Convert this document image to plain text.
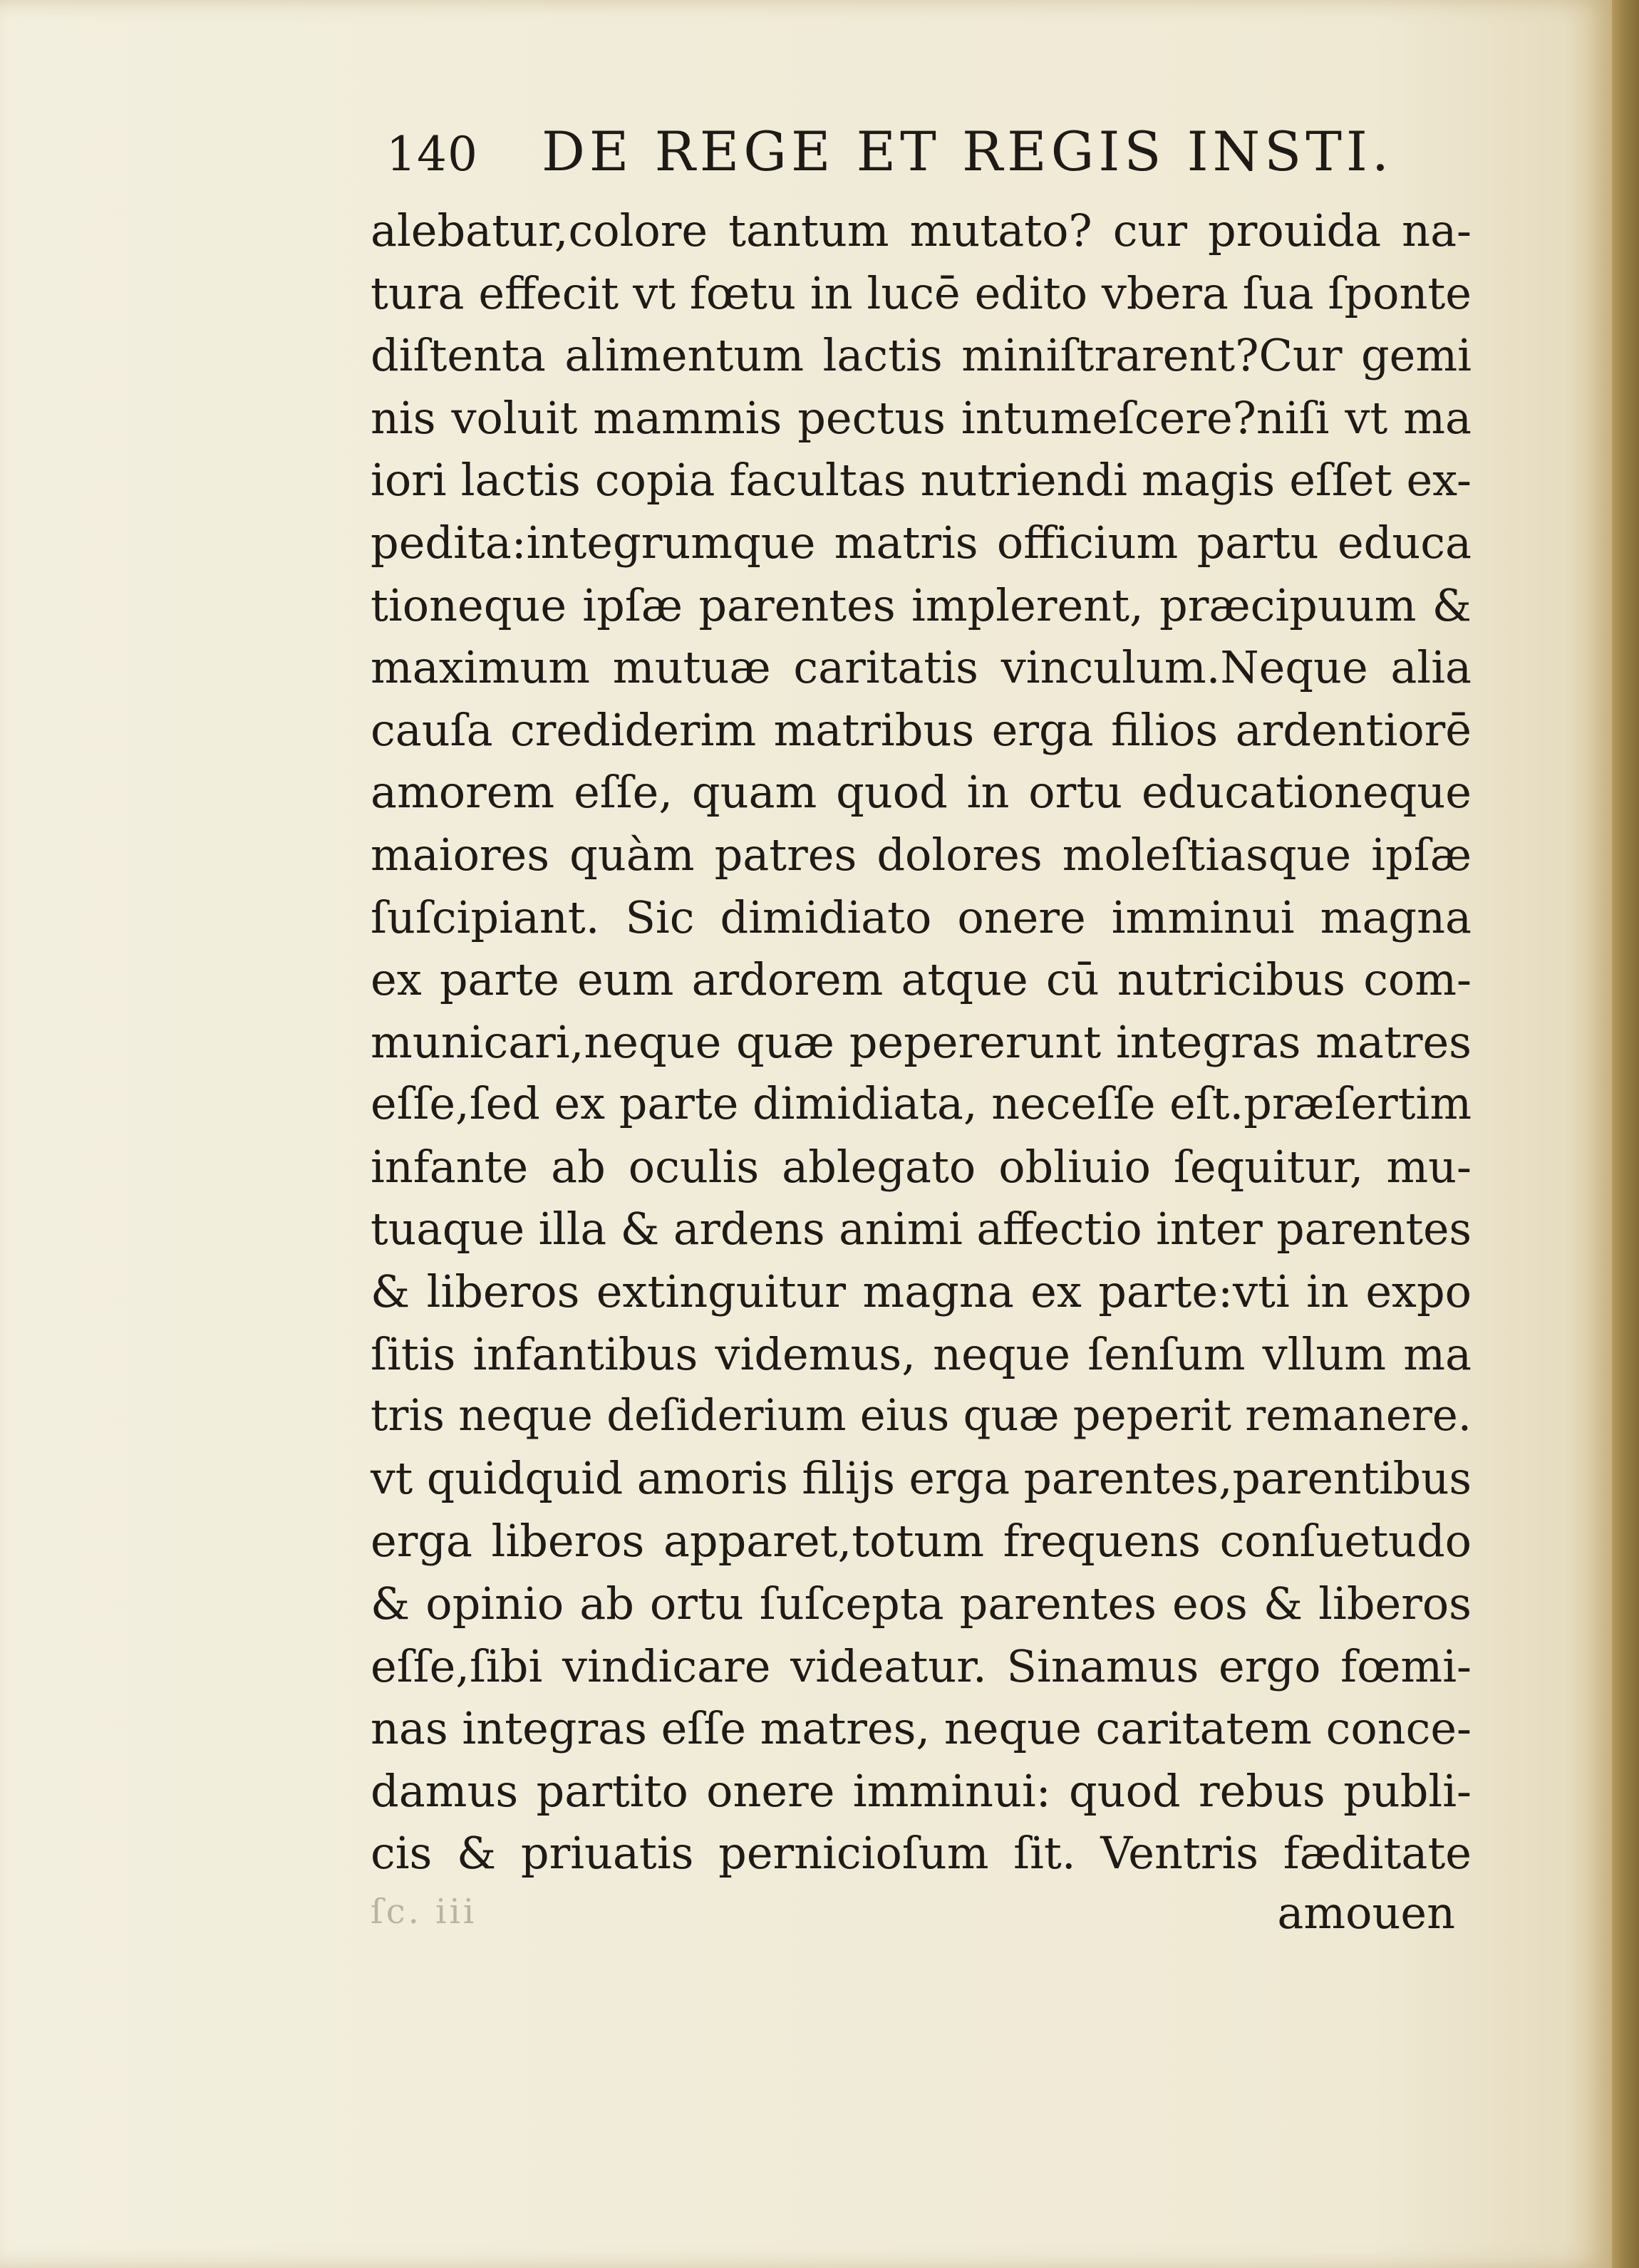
140 DE REGE ET REGIS INSTI.
alebatur,colore tantum mutato? cur prouida na-
tura effecit vt fœtu in lucē edito vbera ſua ſponte
diſtenta alimentum lactis miniſtrarent?Cur gemi
nis voluit mammis pectus intumeſcere?niſi vt ma
iori lactis copia facultas nutriendi magis eſſet ex-
pedita:integrumque matris officium partu educa
tioneque ipſæ parentes implerent, præcipuum &
maximum mutuæ caritatis vinculum.Neque alia
cauſa crediderim matribus erga filios ardentiorē
amorem eſſe, quam quod in ortu educationeque
maiores quàm patres dolores moleſtiasque ipſæ
ſuſcipiant. Sic dimidiato onere imminui magna
ex parte eum ardorem atque cū nutricibus com-
municari,neque quæ pepererunt integras matres
eſſe,ſed ex parte dimidiata, neceſſe eſt.præſertim
infante ab oculis ablegato obliuio ſequitur, mu-
tuaque illa & ardens animi affectio inter parentes
& liberos extinguitur magna ex parte:vti in expo
ſitis infantibus videmus, neque ſenſum vllum ma
tris neque deſiderium eius quæ peperit remanere.
vt quidquid amoris filijs erga parentes,parentibus
erga liberos apparet,totum frequens conſuetudo
& opinio ab ortu ſuſcepta parentes eos & liberos
eſſe,ſibi vindicare videatur. Sinamus ergo fœmi-
nas integras eſſe matres, neque caritatem conce-
damus partito onere imminui: quod rebus publi-
cis & priuatis pernicioſum ſit. Ventris fæditate
ſc. iii	amouen
